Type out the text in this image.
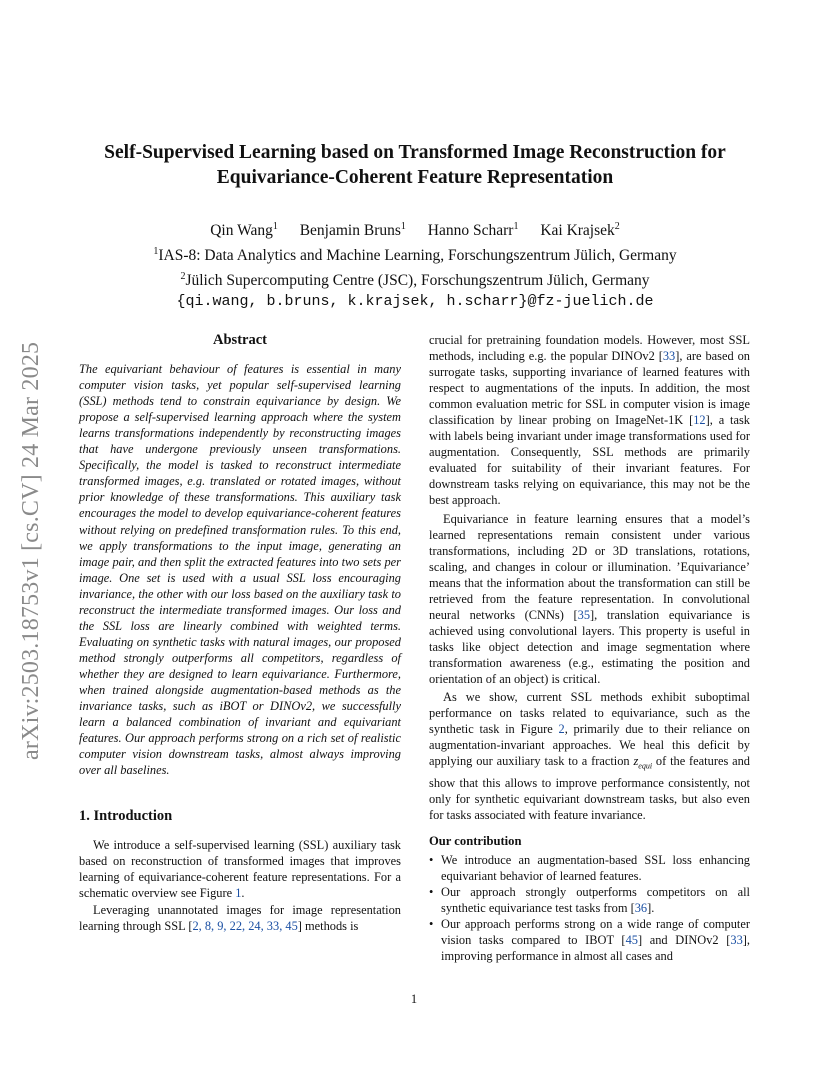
arXiv:2503.18753v1 [cs.CV] 24 Mar 2025
Self-Supervised Learning based on Transformed Image Reconstruction for
Equivariance-Coherent Feature Representation
Qin Wang$^1$ Benjamin Bruns$^1$ Hanno Scharr$^1$ Kai Krajsek$^2$
$^1$IAS-8: Data Analytics and Machine Learning, Forschungszentrum Jülich, Germany
$^2$Jülich Supercomputing Centre (JSC), Forschungszentrum Jülich, Germany
{qi.wang, b.bruns, k.krajsek, h.scharr}@fz-juelich.de
Abstract

The equivariant behaviour of features is essential in many computer vision tasks, yet popular self-supervised learning (SSL) methods tend to constrain equivariance by design. We propose a self-supervised learning approach where the system learns transformations independently by reconstructing images that have undergone previously unseen transformations. Specifically, the model is tasked to reconstruct intermediate transformed images, e.g. translated or rotated images, without prior knowledge of these transformations. This auxiliary task encourages the model to develop equivariance-coherent features without relying on predefined transformation rules. To this end, we apply transformations to the input image, generating an image pair, and then split the extracted features into two sets per image. One set is used with a usual SSL loss encouraging invariance, the other with our loss based on the auxiliary task to reconstruct the intermediate transformed images. Our loss and the SSL loss are linearly combined with weighted terms. Evaluating on synthetic tasks with natural images, our proposed method strongly outperforms all competitors, regardless of whether they are designed to learn equivariance. Furthermore, when trained alongside augmentation-based methods as the invariance tasks, such as iBOT or DINOv2, we successfully learn a balanced combination of invariant and equivariant features. Our approach performs strong on a rich set of realistic computer vision downstream tasks, almost always improving over all baselines.

1. Introduction

We introduce a self-supervised learning (SSL) auxiliary task based on reconstruction of transformed images that improves learning of equivariance-coherent feature representations. For a schematic overview see Figure 1.

Leveraging unannotated images for image representation learning through SSL [2, 8, 9, 22, 24, 33, 45] methods is

crucial for pretraining foundation models. However, most SSL methods, including e.g. the popular DINOv2 [33], are based on surrogate tasks, supporting invariance of learned features with respect to augmentations of the inputs. In addition, the most common evaluation metric for SSL in computer vision is image classification by linear probing on ImageNet-1K [12], a task with labels being invariant under image transformations used for augmentation. Consequently, SSL methods are primarily evaluated for suitability of their invariant features. For downstream tasks relying on equivariance, this may not be the best approach.

Equivariance in feature learning ensures that a model’s learned representations remain consistent under various transformations, including 2D or 3D translations, rotations, scaling, and changes in colour or illumination. ’Equivariance’ means that the information about the transformation can still be retrieved from the feature representation. In convolutional neural networks (CNNs) [35], translation equivariance is achieved using convolutional layers. This property is useful in tasks like object detection and image segmentation where transformation awareness (e.g., estimating the position and orientation of an object) is critical.

As we show, current SSL methods exhibit suboptimal performance on tasks related to equivariance, such as the synthetic task in Figure 2, primarily due to their reliance on augmentation-invariant approaches. We heal this deficit by applying our auxiliary task to a fraction $z_{equi}$ of the features and show that this allows to improve performance consistently, not only for synthetic equivariant downstream tasks, but also even for tasks associated with feature invariance.

Our contribution
• We introduce an augmentation-based SSL loss enhancing equivariant behavior of learned features.
• Our approach strongly outperforms competitors on all synthetic equivariance test tasks from [36].
• Our approach performs strong on a wide range of computer vision tasks compared to IBOT [45] and DINOv2 [33], improving performance in almost all cases and
1
